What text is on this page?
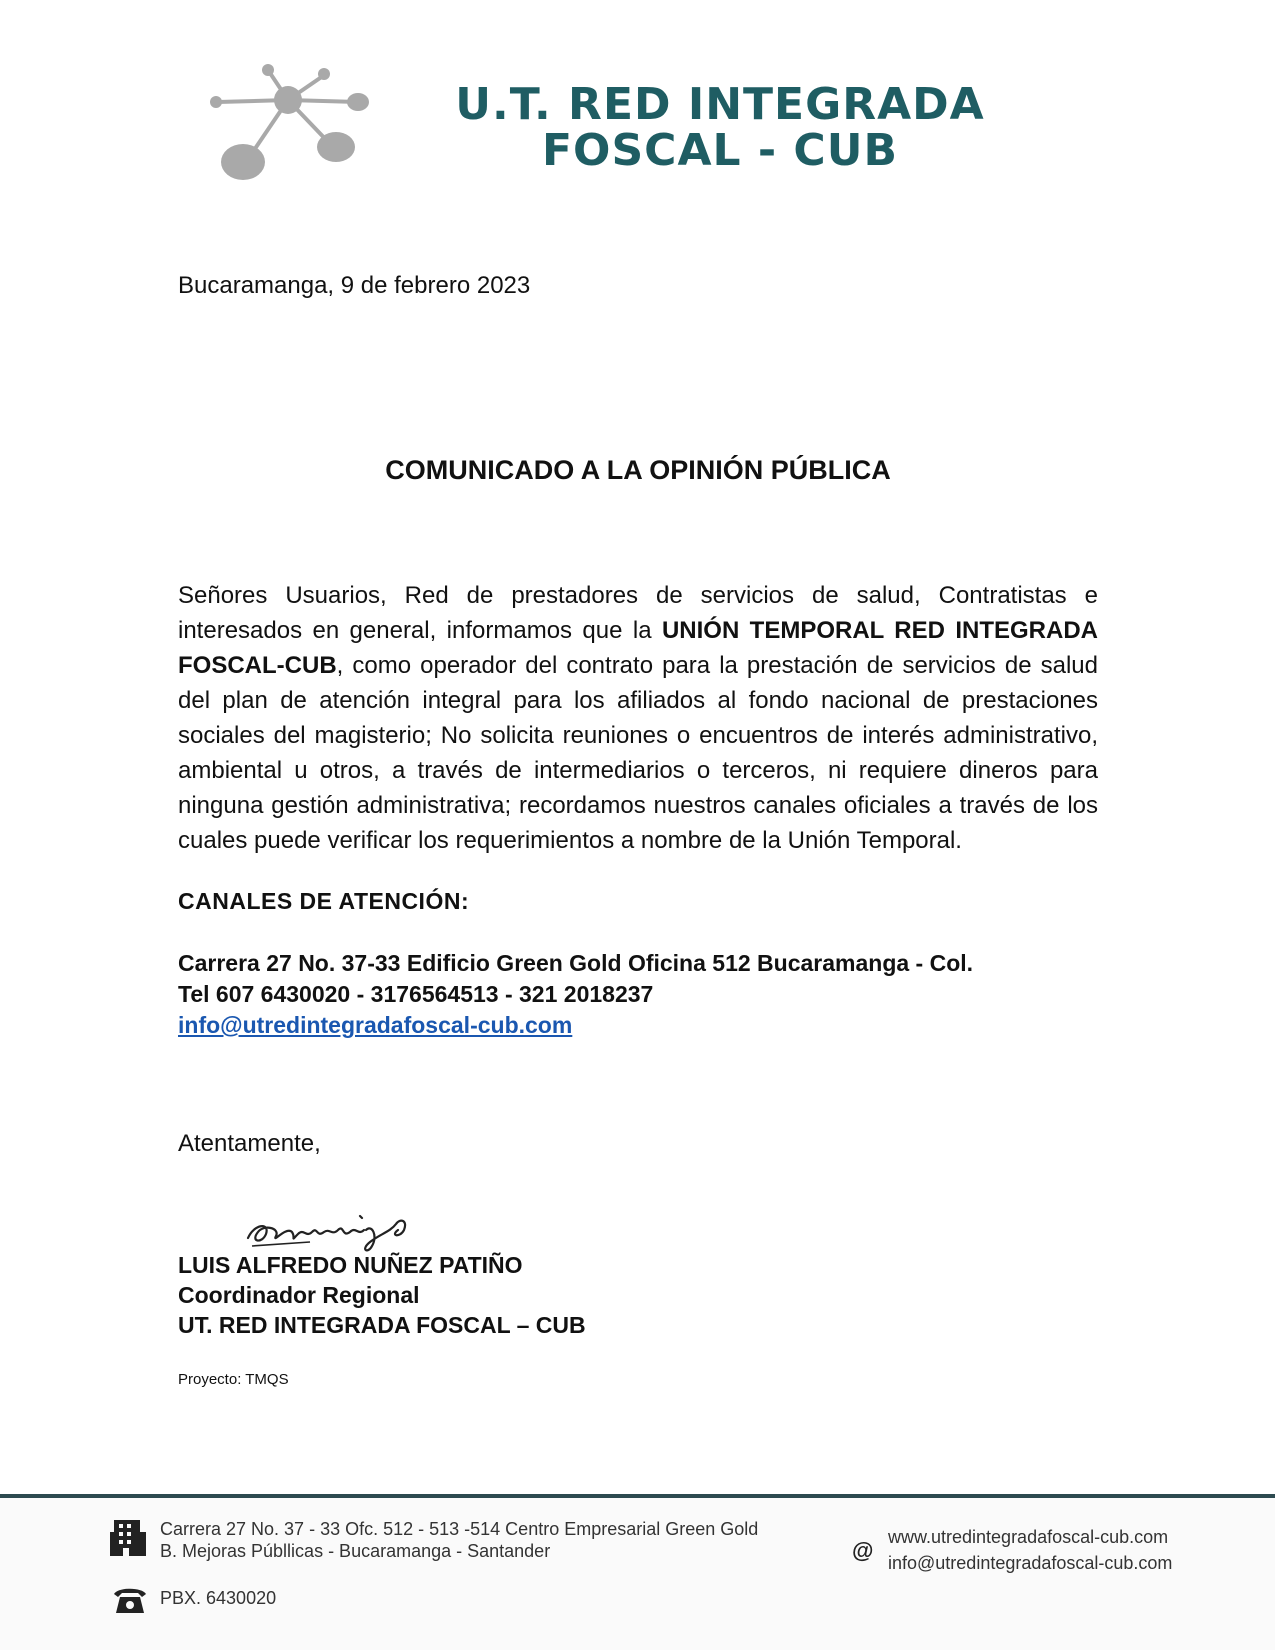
U.T. RED INTEGRADA
FOSCAL - CUB
Bucaramanga, 9 de febrero 2023
COMUNICADO A LA OPINIÓN PÚBLICA
Señores Usuarios, Red de prestadores de servicios de salud, Contratistas e interesados en general, informamos que la UNIÓN TEMPORAL RED INTEGRADA FOSCAL-CUB, como operador del contrato para la prestación de servicios de salud del plan de atención integral para los afiliados al fondo nacional de prestaciones sociales del magisterio; No solicita reuniones o encuentros de interés administrativo, ambiental u otros, a través de intermediarios o terceros, ni requiere dineros para ninguna gestión administrativa; recordamos nuestros canales oficiales a través de los cuales puede verificar los requerimientos a nombre de la Unión Temporal.
CANALES DE ATENCIÓN:
Carrera 27 No. 37-33 Edificio Green Gold Oficina 512 Bucaramanga - Col.
Tel 607 6430020 - 3176564513 - 321 2018237
info@utredintegradafoscal-cub.com
Atentamente,
LUIS ALFREDO NUÑEZ PATIÑO
Coordinador Regional
UT. RED INTEGRADA FOSCAL – CUB
Proyecto: TMQS
Carrera 27 No. 37 - 33 Ofc. 512 - 513 -514 Centro Empresarial Green Gold
B. Mejoras Públlicas - Bucaramanga - Santander	@
www.utredintegradafoscal-cub.com
info@utredintegradafoscal-cub.com
PBX. 6430020
